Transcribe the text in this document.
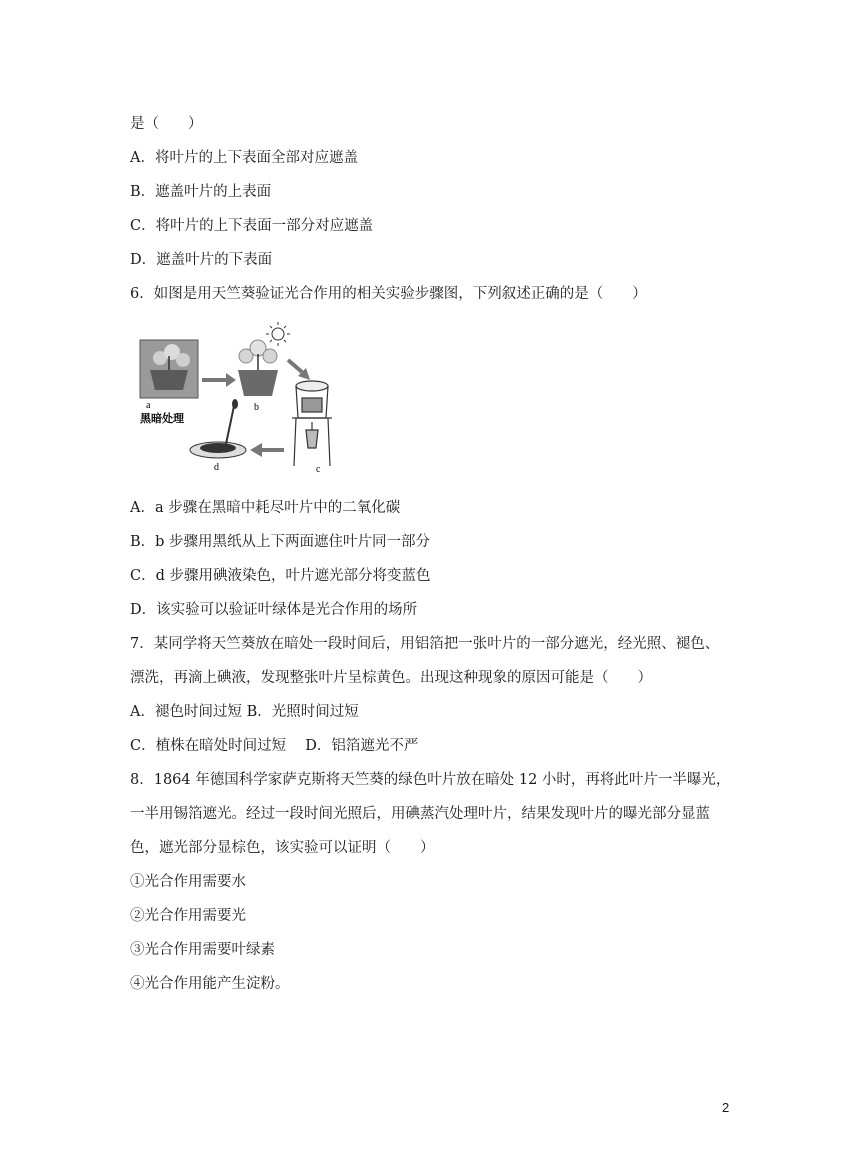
是（　　）
A．将叶片的上下表面全部对应遮盖
B．遮盖叶片的上表面
C．将叶片的上下表面一部分对应遮盖
D．遮盖叶片的下表面
6．如图是用天竺葵验证光合作用的相关实验步骤图，下列叙述正确的是（　　）
a
黑暗处理
b
c
d
A．a 步骤在黑暗中耗尽叶片中的二氧化碳
B．b 步骤用黑纸从上下两面遮住叶片同一部分
C．d 步骤用碘液染色，叶片遮光部分将变蓝色
D．该实验可以验证叶绿体是光合作用的场所
7．某同学将天竺葵放在暗处一段时间后，用铝箔把一张叶片的一部分遮光，经光照、褪色、
漂洗，再滴上碘液，发现整张叶片呈棕黄色。出现这种现象的原因可能是（　　）
A．褪色时间过短 B．光照时间过短
C．植株在暗处时间过短　 D．铝箔遮光不严
8．1864 年德国科学家萨克斯将天竺葵的绿色叶片放在暗处 12 小时，再将此叶片一半曝光，
一半用锡箔遮光。经过一段时间光照后，用碘蒸汽处理叶片，结果发现叶片的曝光部分显蓝
色，遮光部分显棕色，该实验可以证明（　　）
①光合作用需要水
②光合作用需要光
③光合作用需要叶绿素
④光合作用能产生淀粉。
2
